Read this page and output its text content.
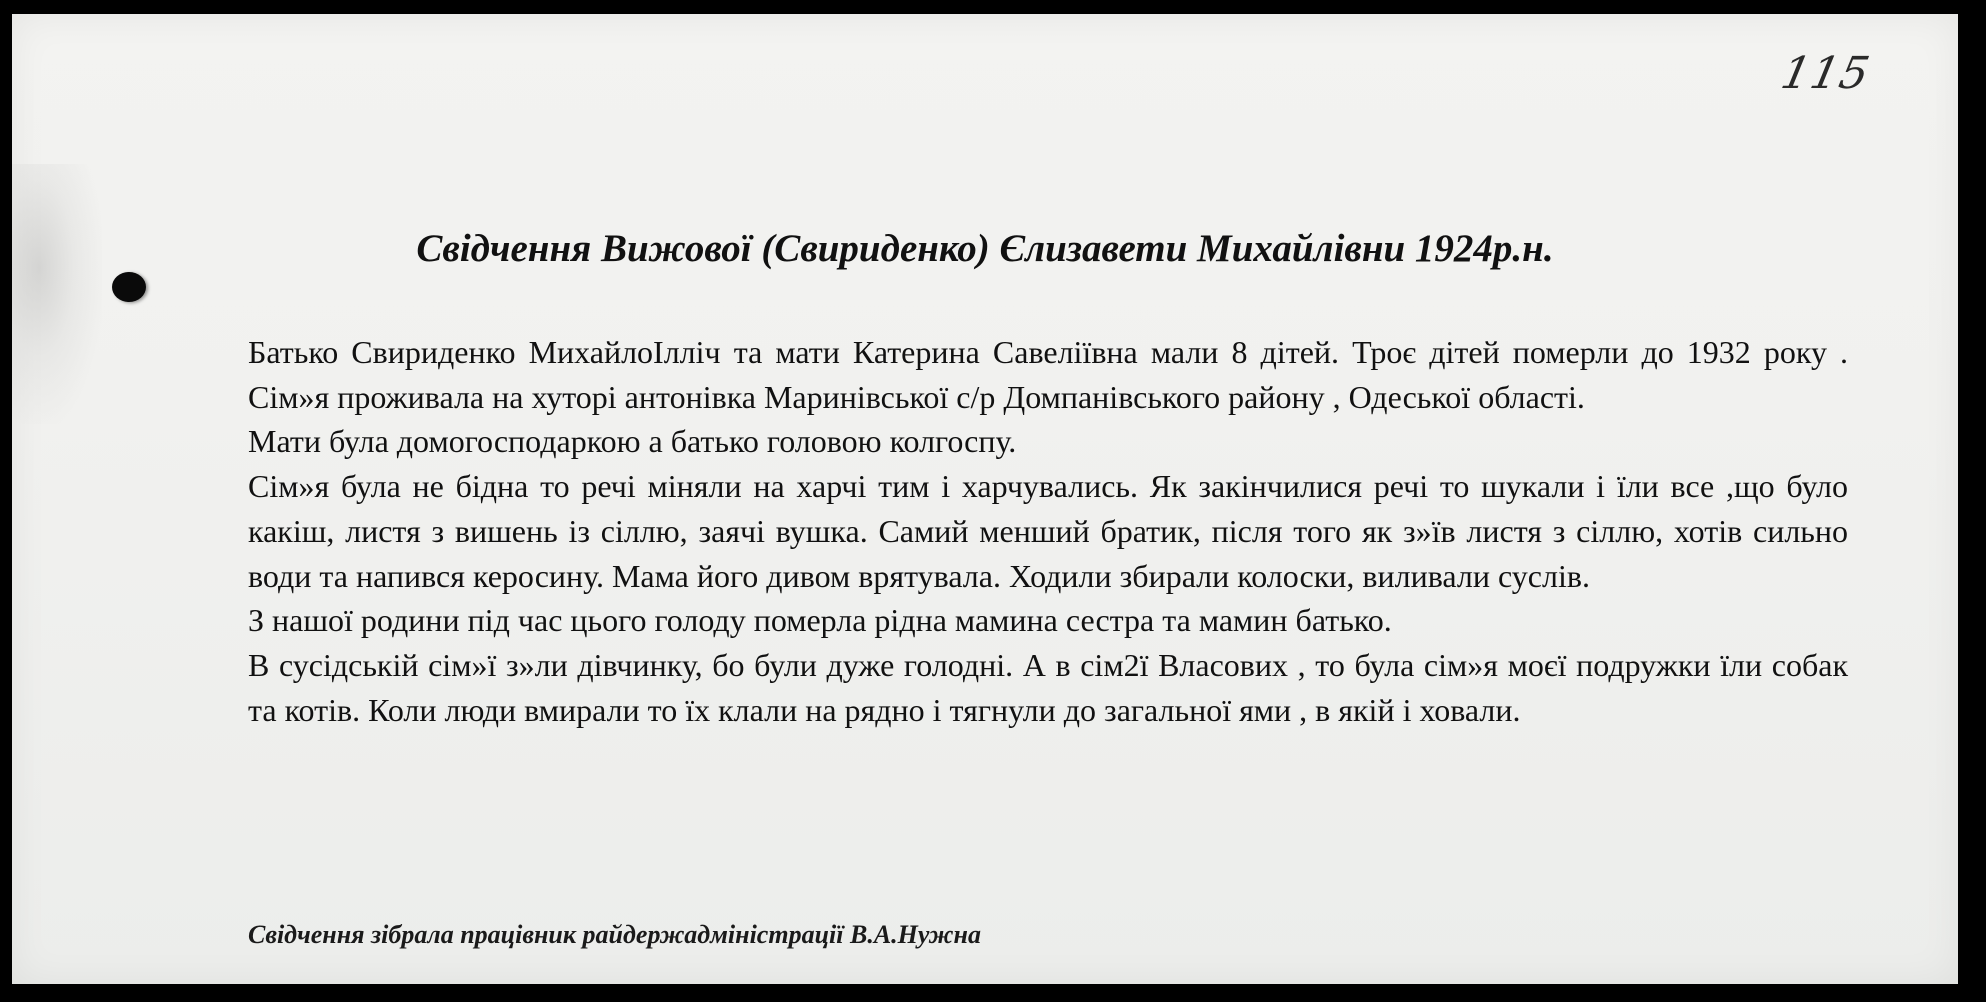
115
Свідчення Вижової (Свириденко) Єлизавети Михайлівни 1924р.н.

Батько Свириденко МихайлоІлліч та мати Катерина Савеліївна мали 8 дітей. Троє дітей померли до 1932 року . Сім»я проживала на хуторі антонівка Маринівської с/р Домпанівського району , Одеської області.

Мати була домогосподаркою а батько головою колгоспу.

Сім»я була не бідна то речі міняли на харчі тим і харчувались. Як закінчилися речі то шукали і їли все ,що було какіш, листя з вишень із сіллю, заячі вушка. Самий менший братик, після того як з»їв листя з сіллю, хотів сильно води та напився керосину. Мама його дивом врятувала. Ходили збирали колоски, виливали суслів.

З нашої родини під час цього голоду померла рідна мамина сестра та мамин батько.

В сусідській сім»ї з»ли дівчинку, бо були дуже голодні. А в сім2ї Власових , то була сім»я моєї подружки їли собак та котів. Коли люди вмирали то їх клали на рядно і тягнули до загальної ями , в якій і ховали.

Свідчення зібрала працівник райдержадміністрації В.А.Нужна
